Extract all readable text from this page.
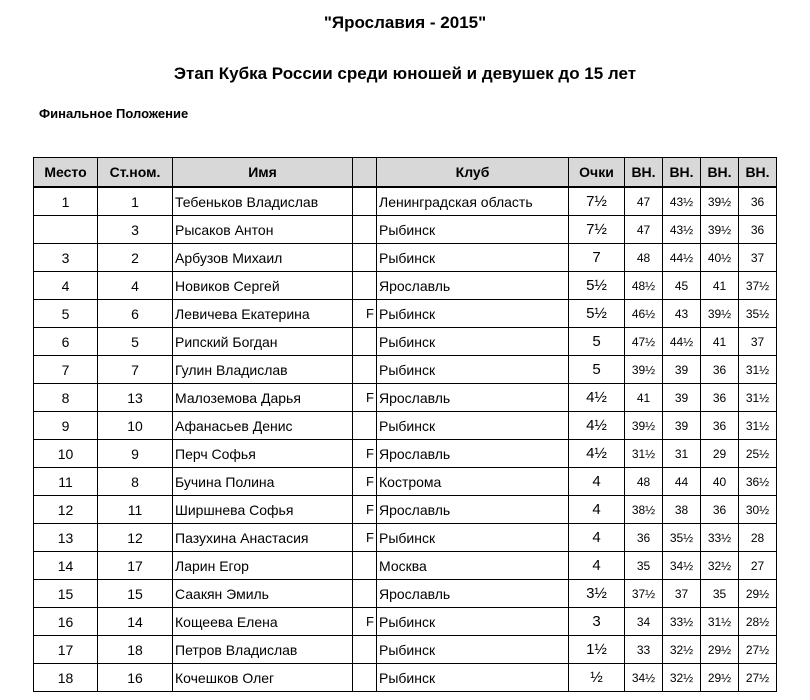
"Ярославия - 2015"
Этап Кубка России среди юношей и девушек до 15 лет
Финальное Положение
Место	Ст.ном.	Имя		Клуб	Очки	ВН.	ВН.	ВН.	ВН.
1	1	Тебеньков Владислав		Ленинградская область	7½	47	43½	39½	36
	3	Рысаков Антон		Рыбинск	7½	47	43½	39½	36
3	2	Арбузов Михаил		Рыбинск	7	48	44½	40½	37
4	4	Новиков Сергей		Ярославль	5½	48½	45	41	37½
5	6	Левичева Екатерина	F	Рыбинск	5½	46½	43	39½	35½
6	5	Рипский Богдан		Рыбинск	5	47½	44½	41	37
7	7	Гулин Владислав		Рыбинск	5	39½	39	36	31½
8	13	Малоземова Дарья	F	Ярославль	4½	41	39	36	31½
9	10	Афанасьев Денис		Рыбинск	4½	39½	39	36	31½
10	9	Перч Софья	F	Ярославль	4½	31½	31	29	25½
11	8	Бучина Полина	F	Кострома	4	48	44	40	36½
12	11	Ширшнева Софья	F	Ярославль	4	38½	38	36	30½
13	12	Пазухина Анастасия	F	Рыбинск	4	36	35½	33½	28
14	17	Ларин Егор		Москва	4	35	34½	32½	27
15	15	Саакян Эмиль		Ярославль	3½	37½	37	35	29½
16	14	Кощеева Елена	F	Рыбинск	3	34	33½	31½	28½
17	18	Петров Владислав		Рыбинск	1½	33	32½	29½	27½
18	16	Кочешков Олег		Рыбинск	½	34½	32½	29½	27½
